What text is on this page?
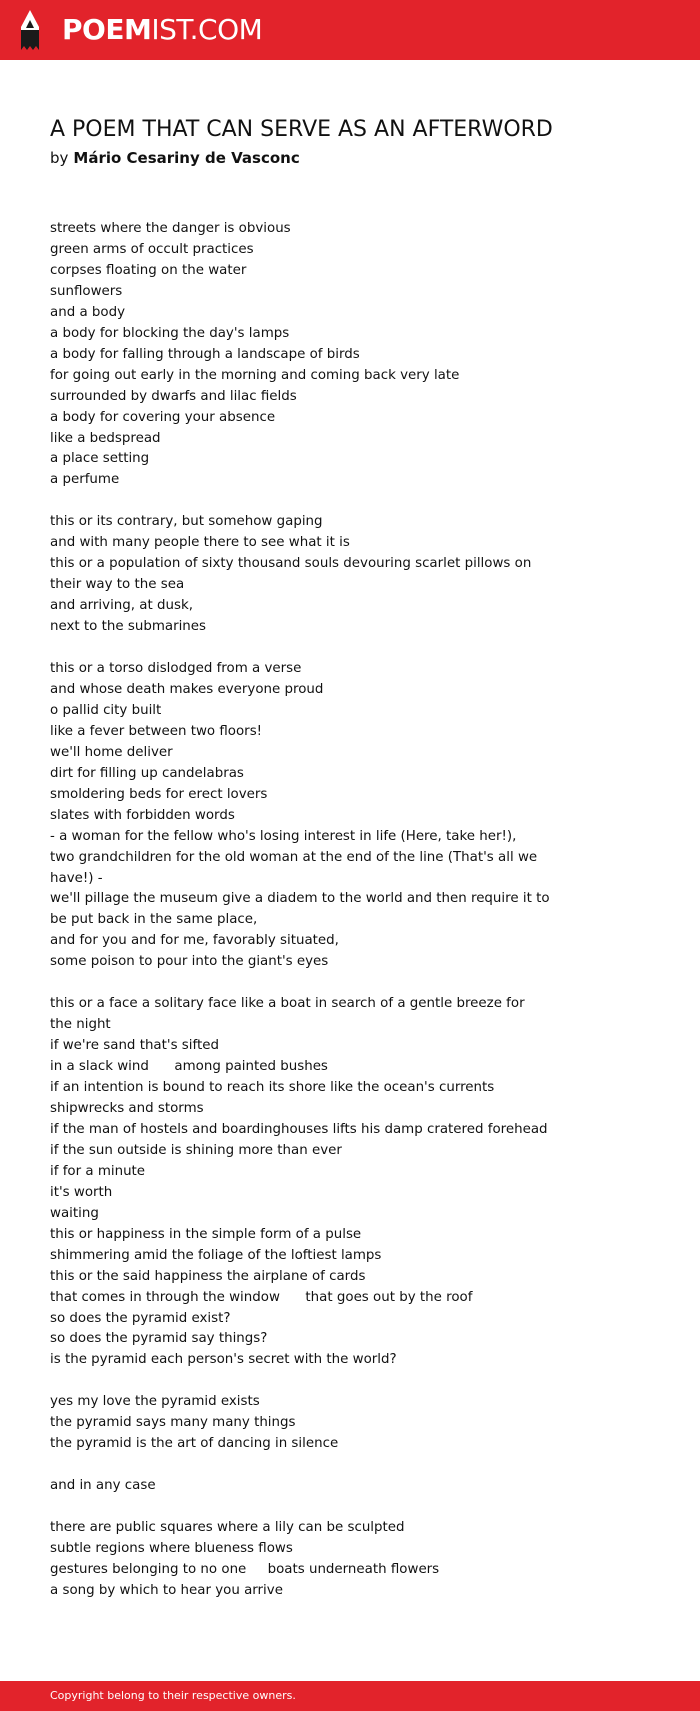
POEMIST.COM
A POEM THAT CAN SERVE AS AN AFTERWORD
by Mário Cesariny de Vasconc
streets where the danger is obvious
green arms of occult practices
corpses floating on the water
sunflowers
and a body
a body for blocking the day's lamps
a body for falling through a landscape of birds
for going out early in the morning and coming back very late
surrounded by dwarfs and lilac fields
a body for covering your absence
like a bedspread
a place setting
a perfume
this or its contrary, but somehow gaping
and with many people there to see what it is
this or a population of sixty thousand souls devouring scarlet pillows on
their way to the sea
and arriving, at dusk,
next to the submarines
this or a torso dislodged from a verse
and whose death makes everyone proud
o pallid city built
like a fever between two floors!
we'll home deliver
dirt for filling up candelabras
smoldering beds for erect lovers
slates with forbidden words
- a woman for the fellow who's losing interest in life (Here, take her!),
two grandchildren for the old woman at the end of the line (That's all we
have!) -
we'll pillage the museum give a diadem to the world and then require it to
be put back in the same place,
and for you and for me, favorably situated,
some poison to pour into the giant's eyes
this or a face a solitary face like a boat in search of a gentle breeze for
the night
if we're sand that's sifted
in a slack wind      among painted bushes
if an intention is bound to reach its shore like the ocean's currents
shipwrecks and storms
if the man of hostels and boardinghouses lifts his damp cratered forehead
if the sun outside is shining more than ever
if for a minute
it's worth
waiting
this or happiness in the simple form of a pulse
shimmering amid the foliage of the loftiest lamps
this or the said happiness the airplane of cards
that comes in through the window      that goes out by the roof
so does the pyramid exist?
so does the pyramid say things?
is the pyramid each person's secret with the world?
yes my love the pyramid exists
the pyramid says many many things
the pyramid is the art of dancing in silence
and in any case
there are public squares where a lily can be sculpted
subtle regions where blueness flows
gestures belonging to no one     boats underneath flowers
a song by which to hear you arrive
Copyright belong to their respective owners.
